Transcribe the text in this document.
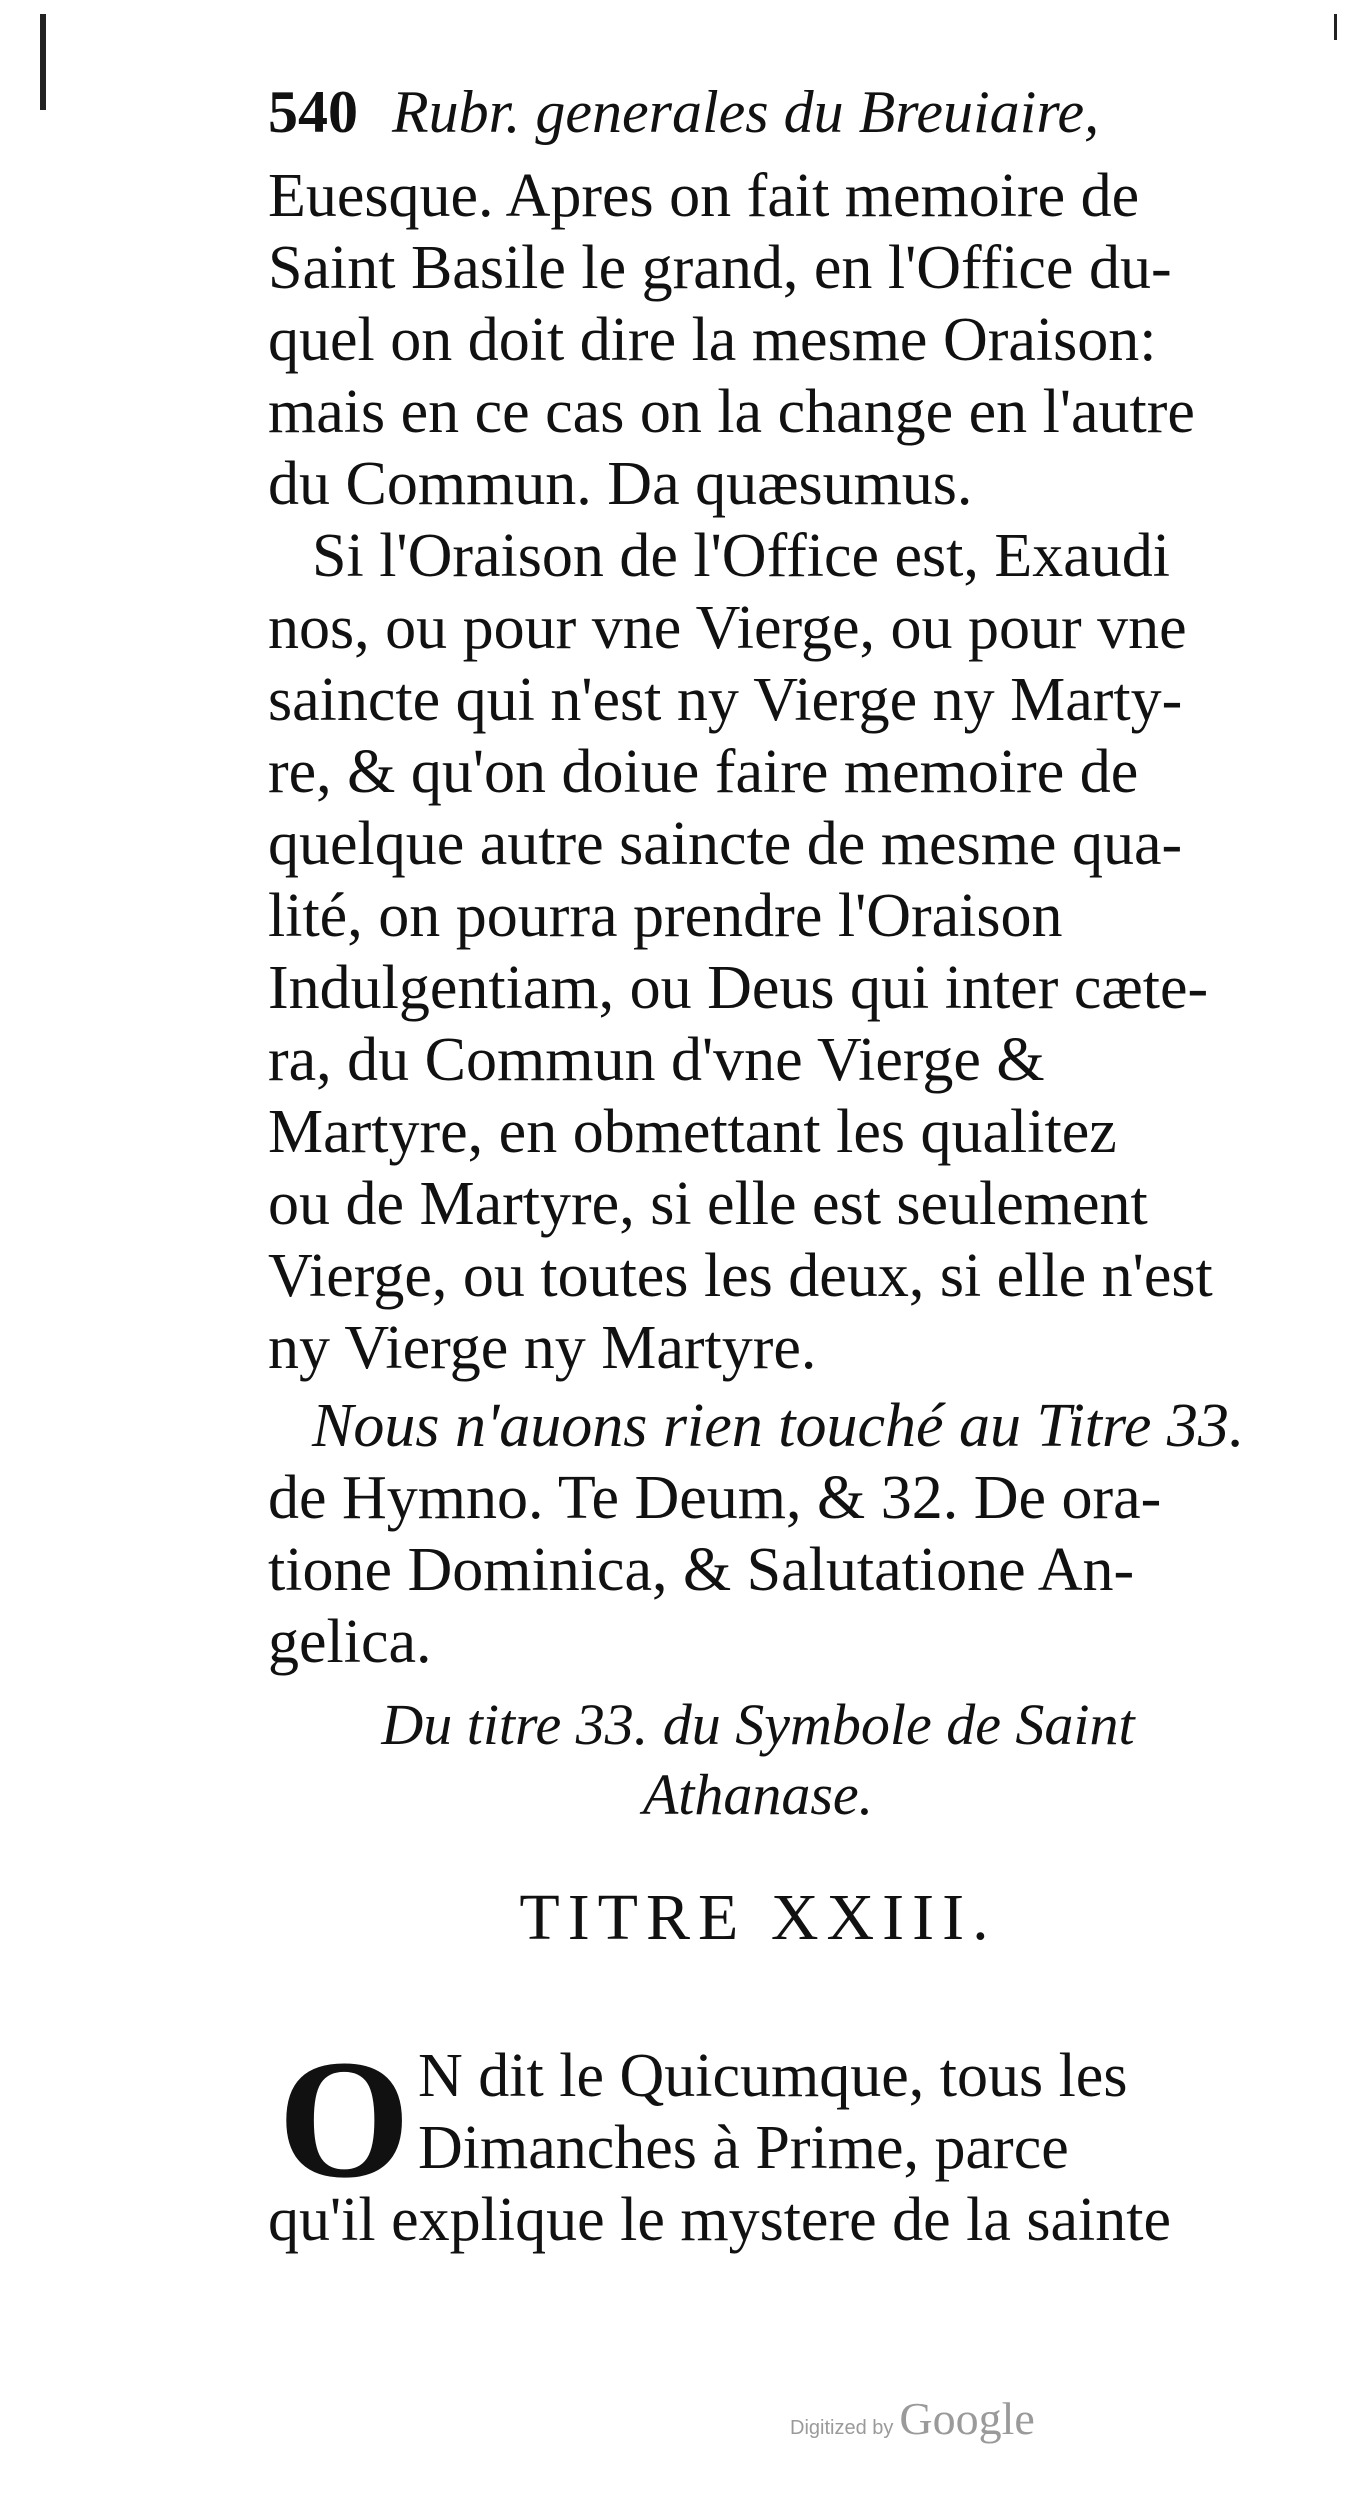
540 Rubr. generales du Breuiaire,
Euesque. Apres on fait memoire de
Saint Basile le grand, en l'Office du-
quel on doit dire la mesme Oraison:
mais en ce cas on la change en l'autre
du Commun. Da quæsumus.
Si l'Oraison de l'Office est, Exaudi
nos, ou pour vne Vierge, ou pour vne
saincte qui n'est ny Vierge ny Marty-
re, & qu'on doiue faire memoire de
quelque autre saincte de mesme qua-
lité, on pourra prendre l'Oraison
Indulgentiam, ou Deus qui inter cæte-
ra, du Commun d'vne Vierge &
Martyre, en obmettant les qualitez
ou de Martyre, si elle est seulement
Vierge, ou toutes les deux, si elle n'est
ny Vierge ny Martyre.
Nous n'auons rien touché au Titre 33.
de Hymno. Te Deum, & 32. De ora-
tione Dominica, & Salutatione An-
gelica.
Du titre 33. du Symbole de Saint
Athanase.
TITRE XXIII.
O N dit le Quicumque, tous les
Dimanches à Prime, parce
qu'il explique le mystere de la sainte
Digitized by Google
